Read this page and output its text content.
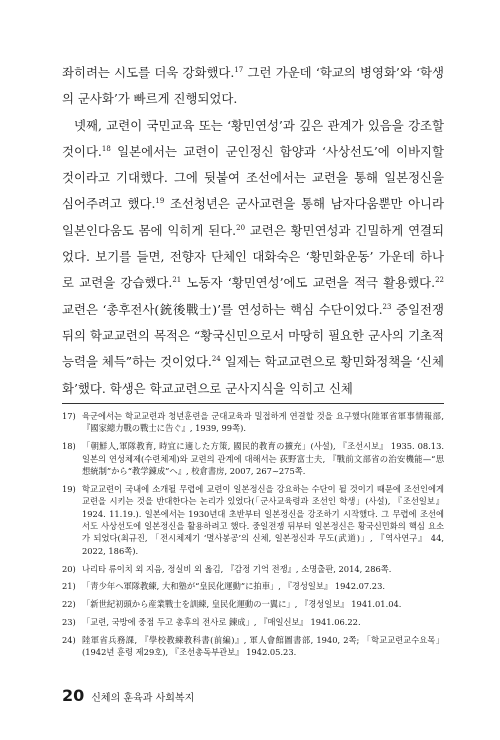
좌히려는 시도를 더욱 강화했다.$^{17}$ 그런 가운데 ‘학교의 병영화’와 ‘학생의 군사화’가 빠르게 진행되었다.

넷째, 교련이 국민교육 또는 ‘황민연성’과 깊은 관계가 있음을 강조할 것이다.$^{18}$ 일본에서는 교련이 군인정신 함양과 ‘사상선도’에 이바지할 것이라고 기대했다. 그에 뒷붙여 조선에서는 교련을 통해 일본정신을 심어주려고 했다.$^{19}$ 조선청년은 군사교련을 통해 남자다움뿐만 아니라 일본인다움도 몸에 익히게 된다.$^{20}$ 교련은 황민연성과 긴밀하게 연결되었다. 보기를 들면, 전향자 단체인 대화숙은 ‘황민화운동’ 가운데 하나로 교련을 강습했다.$^{21}$ 노동자 ‘황민연성’에도 교련을 적극 활용했다.$^{22}$ 교련은 ‘총후전사(銃後戰士)’를 연성하는 핵심 수단이었다.$^{23}$ 중일전쟁 뒤의 학교교련의 목적은 “황국신민으로서 마땅히 필요한 군사의 기초적 능력을 체득”하는 것이었다.$^{24}$ 일제는 학교교련으로 황민화정책을 ‘신체화’했다. 학생은 학교교련으로 군사지식을 익히고 신체

17) 육군에서는 학교교련과 청년훈련을 군대교육과 밀접하게 연결할 것을 요구했다(陸軍省軍事情報部, 『國家總力戰の戰士に告ぐ』, 1939, 99쪽).
18) 「朝鮮人,軍隊教育, 時宜に適した方策, 國民的教育の擴充」(사설), 『조선시보』 1935. 08.13. 일본의 연성체제(수련체제)와 교련의 관계에 대해서는 荻野富士夫, 『戰前文部省の治安機能—“思想統制”から“教学錬成”へ』, 校倉書房, 2007, 267~275쪽.
19) 학교교련이 국내에 소개될 무렵에 교련이 일본정신을 강요하는 수단이 될 것이기 때문에 조선인에게 교련을 시키는 것을 반대한다는 논리가 있었다(「군사교육령과 조선인 학생」(사설), 『조선일보』 1924. 11.19.). 일본에서는 1930년대 초반부터 일본정신을 강조하기 시작했다. 그 무렵에 조선에서도 사상선도에 일본정신을 활용하려고 했다. 중일전쟁 뒤부터 일본정신은 황국신민화의 핵심 요소가 되었다(최규진, 「전시체제기 ‘멸사봉공’의 신체, 일본정신과 무도(武道)」, 『역사연구』 44, 2022, 186쪽).
20) 나리타 류이치 외 지음, 정실비 외 옮김, 『감정 기억 전쟁』, 소명출판, 2014, 286쪽.
21) 「靑少年へ軍隊教練, 大和塾が“皇民化運動”に拍車」, 『경성일보』 1942.07.23.
22) 「新世紀初頭から産業戰士を訓練, 皇民化運動の一翼に」, 『경성일보』 1941.01.04.
23) 「교련, 국방에 중점 두고 총후의 전사로 鍊成」, 『매일신보』 1941.06.22.
24) 陸軍省兵務課, 『學校教練教科書(前編)』, 軍人會館圖書部, 1940, 2쪽; 「학교교련교수요목」(1942년 훈령 제29호), 『조선총독부관보』 1942.05.23.
20 신체의 훈육과 사회복지
